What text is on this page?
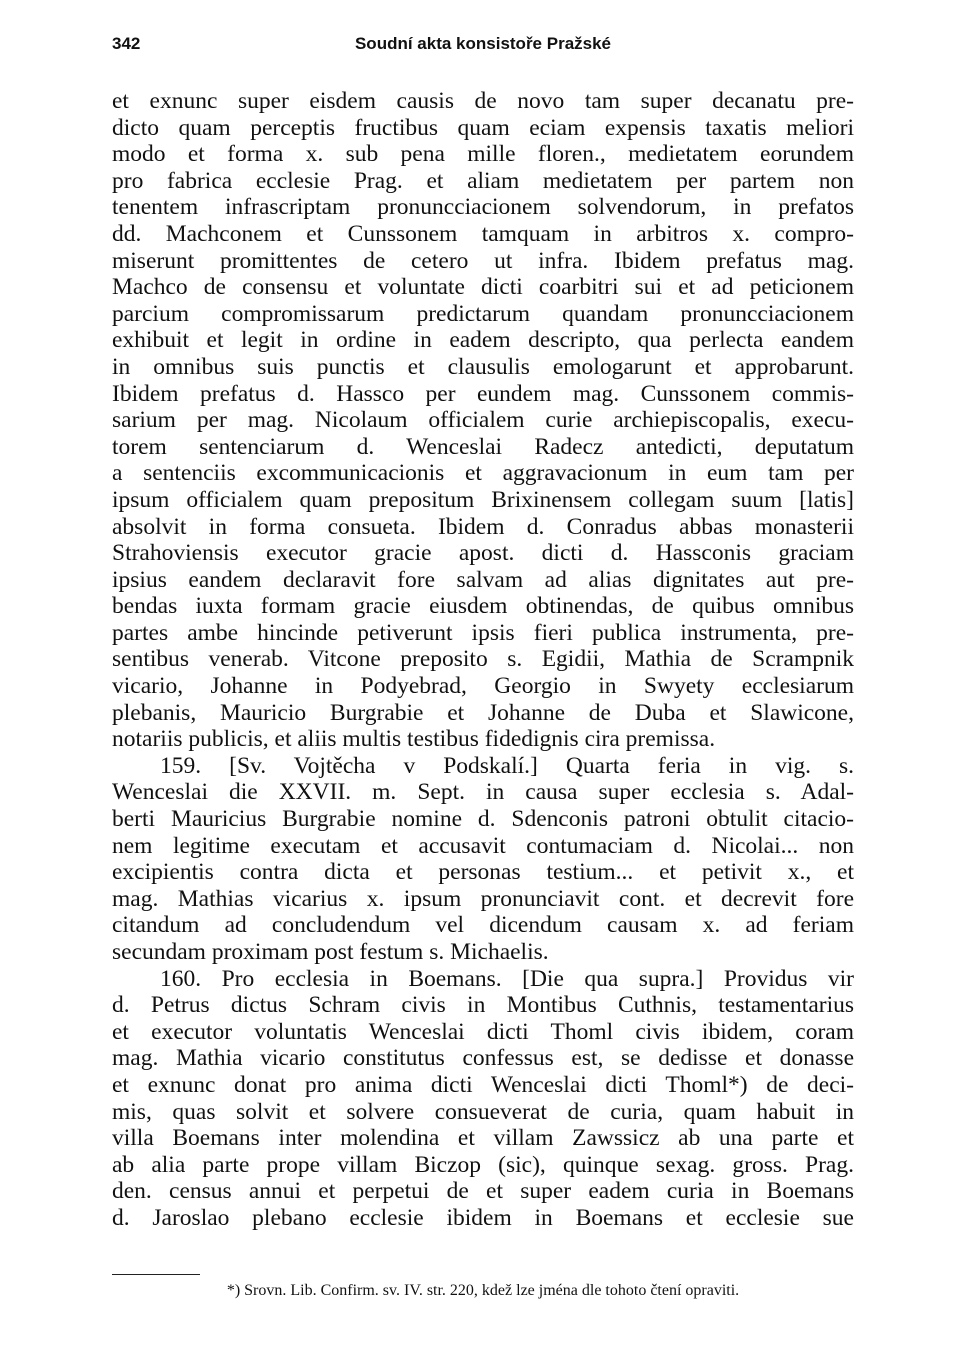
342	Soudní akta konsistoře Pražské
et exnunc super eisdem causis de novo tam super decanatu pre-
dicto quam perceptis fructibus quam eciam expensis taxatis meliori
modo et forma x. sub pena mille floren., medietatem eorundem
pro fabrica ecclesie Prag. et aliam medietatem per partem non
tenentem infrascriptam pronuncciacionem solvendorum, in prefatos
dd. Machconem et Cunssonem tamquam in arbitros x. compro-
miserunt promittentes de cetero ut infra. Ibidem prefatus mag.
Machco de consensu et voluntate dicti coarbitri sui et ad peticionem
parcium compromissarum predictarum quandam pronuncciacionem
exhibuit et legit in ordine in eadem descripto, qua perlecta eandem
in omnibus suis punctis et clausulis emologarunt et approbarunt.
Ibidem prefatus d. Hassco per eundem mag. Cunssonem commis-
sarium per mag. Nicolaum officialem curie archiepiscopalis, execu-
torem sentenciarum d. Wenceslai Radecz antedicti, deputatum
a sentenciis excommunicacionis et aggravacionum in eum tam per
ipsum officialem quam prepositum Brixinensem collegam suum [latis]
absolvit in forma consueta. Ibidem d. Conradus abbas monasterii
Strahoviensis executor gracie apost. dicti d. Hassconis graciam
ipsius eandem declaravit fore salvam ad alias dignitates aut pre-
bendas iuxta formam gracie eiusdem obtinendas, de quibus omnibus
partes ambe hincinde petiverunt ipsis fieri publica instrumenta, pre-
sentibus venerab. Vitcone preposito s. Egidii, Mathia de Scrampnik
vicario, Johanne in Podyebrad, Georgio in Swyety ecclesiarum
plebanis, Mauricio Burgrabie et Johanne de Duba et Slawicone,
notariis publicis, et aliis multis testibus fidedignis cira premissa.
159. [Sv. Vojtěcha v Podskalí.] Quarta feria in vig. s.
Wenceslai die XXVII. m. Sept. in causa super ecclesia s. Adal-
berti Mauricius Burgrabie nomine d. Sdenconis patroni obtulit citacio-
nem legitime executam et accusavit contumaciam d. Nicolai... non
excipientis contra dicta et personas testium... et petivit x., et
mag. Mathias vicarius x. ipsum pronunciavit cont. et decrevit fore
citandum ad concludendum vel dicendum causam x. ad feriam
secundam proximam post festum s. Michaelis.
160. Pro ecclesia in Boemans. [Die qua supra.] Providus vir
d. Petrus dictus Schram civis in Montibus Cuthnis, testamentarius
et executor voluntatis Wenceslai dicti Thoml civis ibidem, coram
mag. Mathia vicario constitutus confessus est, se dedisse et donasse
et exnunc donat pro anima dicti Wenceslai dicti Thoml*) de deci-
mis, quas solvit et solvere consueverat de curia, quam habuit in
villa Boemans inter molendina et villam Zawssicz ab una parte et
ab alia parte prope villam Biczop (sic), quinque sexag. gross. Prag.
den. census annui et perpetui de et super eadem curia in Boemans
d. Jaroslao plebano ecclesie ibidem in Boemans et ecclesie sue
*) Srovn. Lib. Confirm. sv. IV. str. 220, kdež lze jména dle tohoto čtení opraviti.
